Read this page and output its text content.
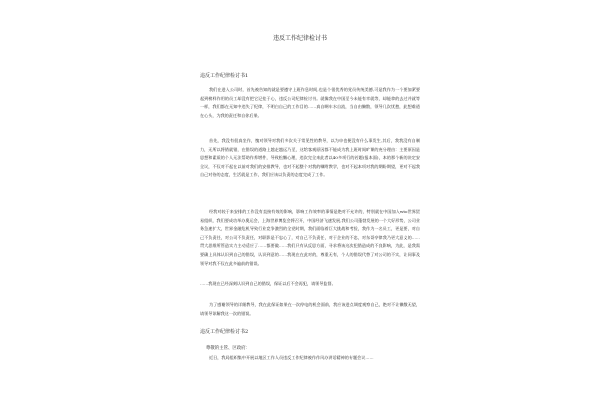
违反工作纪律检讨书
违反工作纪律检讨书1
我们在进入公司时，首先被告知的就是要遵守上班作息时间,也是个很优秀的党员传统美德,可是我作为一个要加紧要起到榜样作用的员工却没有把它记挂于心，违反公司纪律检讨书。就像我在中国至今未能有幸就等，却能拿的去过并就等一样，我们都在无知中违失了纪律，不明白自己的工作目的……真自啊车水自流，当自由懒散，领导几次忧愁，此想难道在心头，为我的责迁和自你后果。
首先，我没有很真坐作，愧对领导对我们多次关于常见性的教导，以为申也便没有什么事发生,其后，我我没有自制力，无所以将错就错，在错误的道路上越走越远乃至，这给客观原因都不能成为我上班时间旷课的充分理由：主要原因是思想和素质的个人无法帮助作养增件，导致松懈心理，违次完全来此者以40多项行的若题(报本面)，本的那个新的决定安全议，不仅对不起在以前对我们的安排教导，也对不起整个对我的嘱咐教学，也对不起本项对我的期盼期望，更对不起我自己对待的态度，生活就是工作，我们应该以负责的态度完成了工作。
经我对较于来安排的工作没有直接有效的影响，影响工作效率的事情是绝对不允许的，特别就在中国加入wto世界贸易组织，我们要成功举办奥运会，上海世界博览会将召开，中国经济飞速发展,我们公司蓬勃发展的一个大好形势，公司业务急速扩大，世界金融危机导致行业竞争激烈的全党时期，我们面临着巨大挑战和考验，我作为一名员工，更是要，对自己不负责任，对公司不负责任，对职影是不忠心了，对自己不负责任，对于企业的不忠，对东哥亭律我乃更大意义的……贯大思维所管造实力主动适应了……都要做……我们只有从反思方面，寻求将该这次犯错造成的不良影响，为此，是我需要确上具体认识到自己的错误，认识到意的……我现在在此对的，尊重无有，个人的错误代替了对公司的不实，让同事及领导对我不仅在此多遍前的错误。
……我现在已经深刻认识到自己的错误，保证以后不会再犯，请领导监督。
为了感谢领导的详细教导，我在此保证如果在一次停电的机会面前，我应该进点调度观察自己，绝对不让懒散无望，请领导谅解我这一次的错误。
违反工作纪律检讨书2
尊敬的主管、区政府：
近日，我局组织集中开展以地区工作人员违反工作纪律被作作风办讲话精神的专题会议……
